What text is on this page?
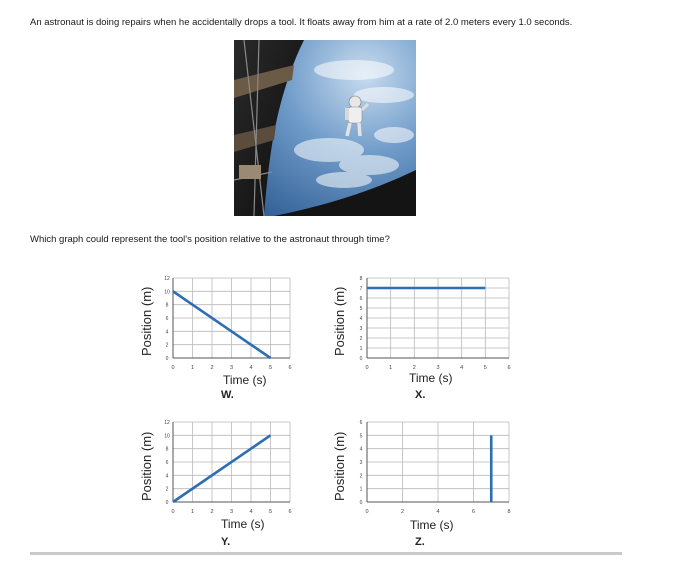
An astronaut is doing repairs when he accidentally drops a tool. It floats away from him at a rate of 2.0 meters every 1.0 seconds.
Which graph could represent the tool's position relative to the astronaut through time?
0	1	2	3	4	5	6
0
2
4
6
8
10
12
Position (m)
Time (s)
W.
0	1	2	3	4	5	6
0
1
2
3
4
5
6
7
8
Position (m)
Time (s)
X.
0	1	2	3	4	5	6
0
2
4
6
8
10
12
Position (m)
Time (s)
Y.
0	2	4	6	8
0
1
2
3
4
5
6
Position (m)
Time (s)
Z.
